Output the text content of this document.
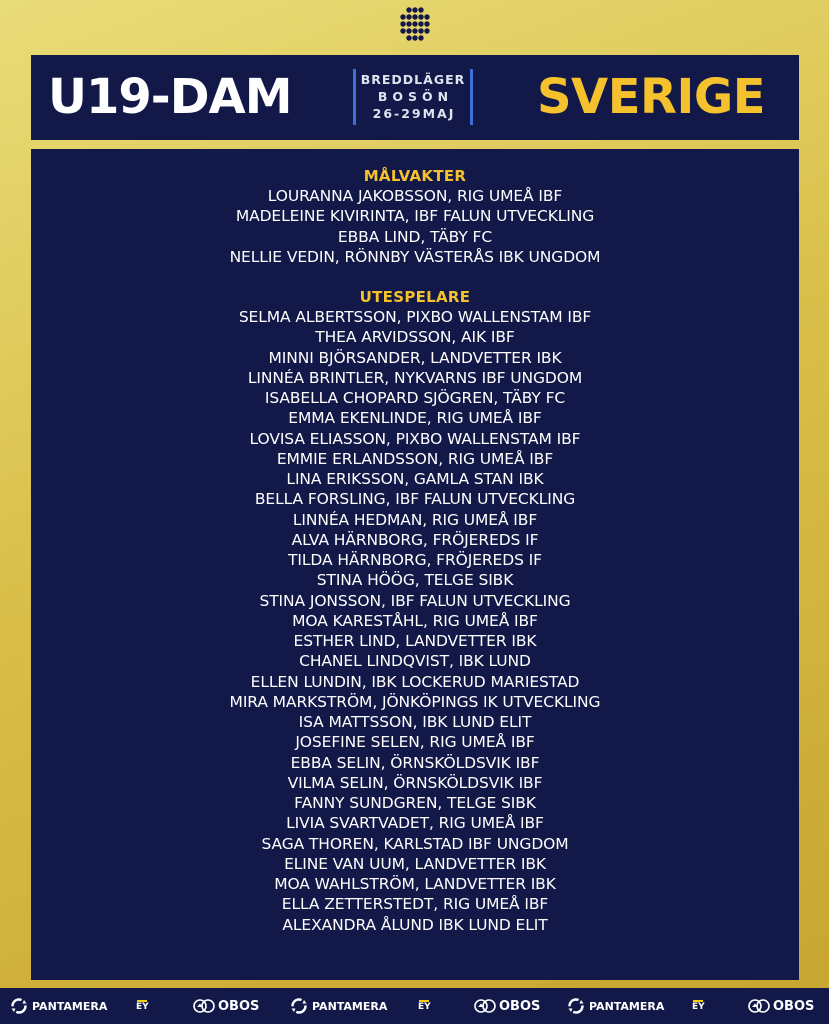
U19-DAM	BREDDLÄGER
BOSÖN
26-29MAJ	SVERIGE
MÅLVAKTER
LOURANNA JAKOBSSON, RIG UMEÅ IBF
MADELEINE KIVIRINTA, IBF FALUN UTVECKLING
EBBA LIND, TÄBY FC
NELLIE VEDIN, RÖNNBY VÄSTERÅS IBK UNGDOM
UTESPELARE
SELMA ALBERTSSON, PIXBO WALLENSTAM IBF
THEA ARVIDSSON, AIK IBF
MINNI BJÖRSANDER, LANDVETTER IBK
LINNÉA BRINTLER, NYKVARNS IBF UNGDOM
ISABELLA CHOPARD SJÖGREN, TÄBY FC
EMMA EKENLINDE, RIG UMEÅ IBF
LOVISA ELIASSON, PIXBO WALLENSTAM IBF
EMMIE ERLANDSSON, RIG UMEÅ IBF
LINA ERIKSSON, GAMLA STAN IBK
BELLA FORSLING, IBF FALUN UTVECKLING
LINNÉA HEDMAN, RIG UMEÅ IBF
ALVA HÄRNBORG, FRÖJEREDS IF
TILDA HÄRNBORG, FRÖJEREDS IF
STINA HÖÖG, TELGE SIBK
STINA JONSSON, IBF FALUN UTVECKLING
MOA KARESTÅHL, RIG UMEÅ IBF
ESTHER LIND, LANDVETTER IBK
CHANEL LINDQVIST, IBK LUND
ELLEN LUNDIN, IBK LOCKERUD MARIESTAD
MIRA MARKSTRÖM, JÖNKÖPINGS IK UTVECKLING
ISA MATTSSON, IBK LUND ELIT
JOSEFINE SELEN, RIG UMEÅ IBF
EBBA SELIN, ÖRNSKÖLDSVIK IBF
VILMA SELIN, ÖRNSKÖLDSVIK IBF
FANNY SUNDGREN, TELGE SIBK
LIVIA SVARTVADET, RIG UMEÅ IBF
SAGA THOREN, KARLSTAD IBF UNGDOM
ELINE VAN UUM, LANDVETTER IBK
MOA WAHLSTRÖM, LANDVETTER IBK
ELLA ZETTERSTEDT, RIG UMEÅ IBF
ALEXANDRA ÅLUND IBK LUND ELIT
PANTAMERA	EY	OBOS	PANTAMERA	EY	OBOS	PANTAMERA	EY	OBOS
